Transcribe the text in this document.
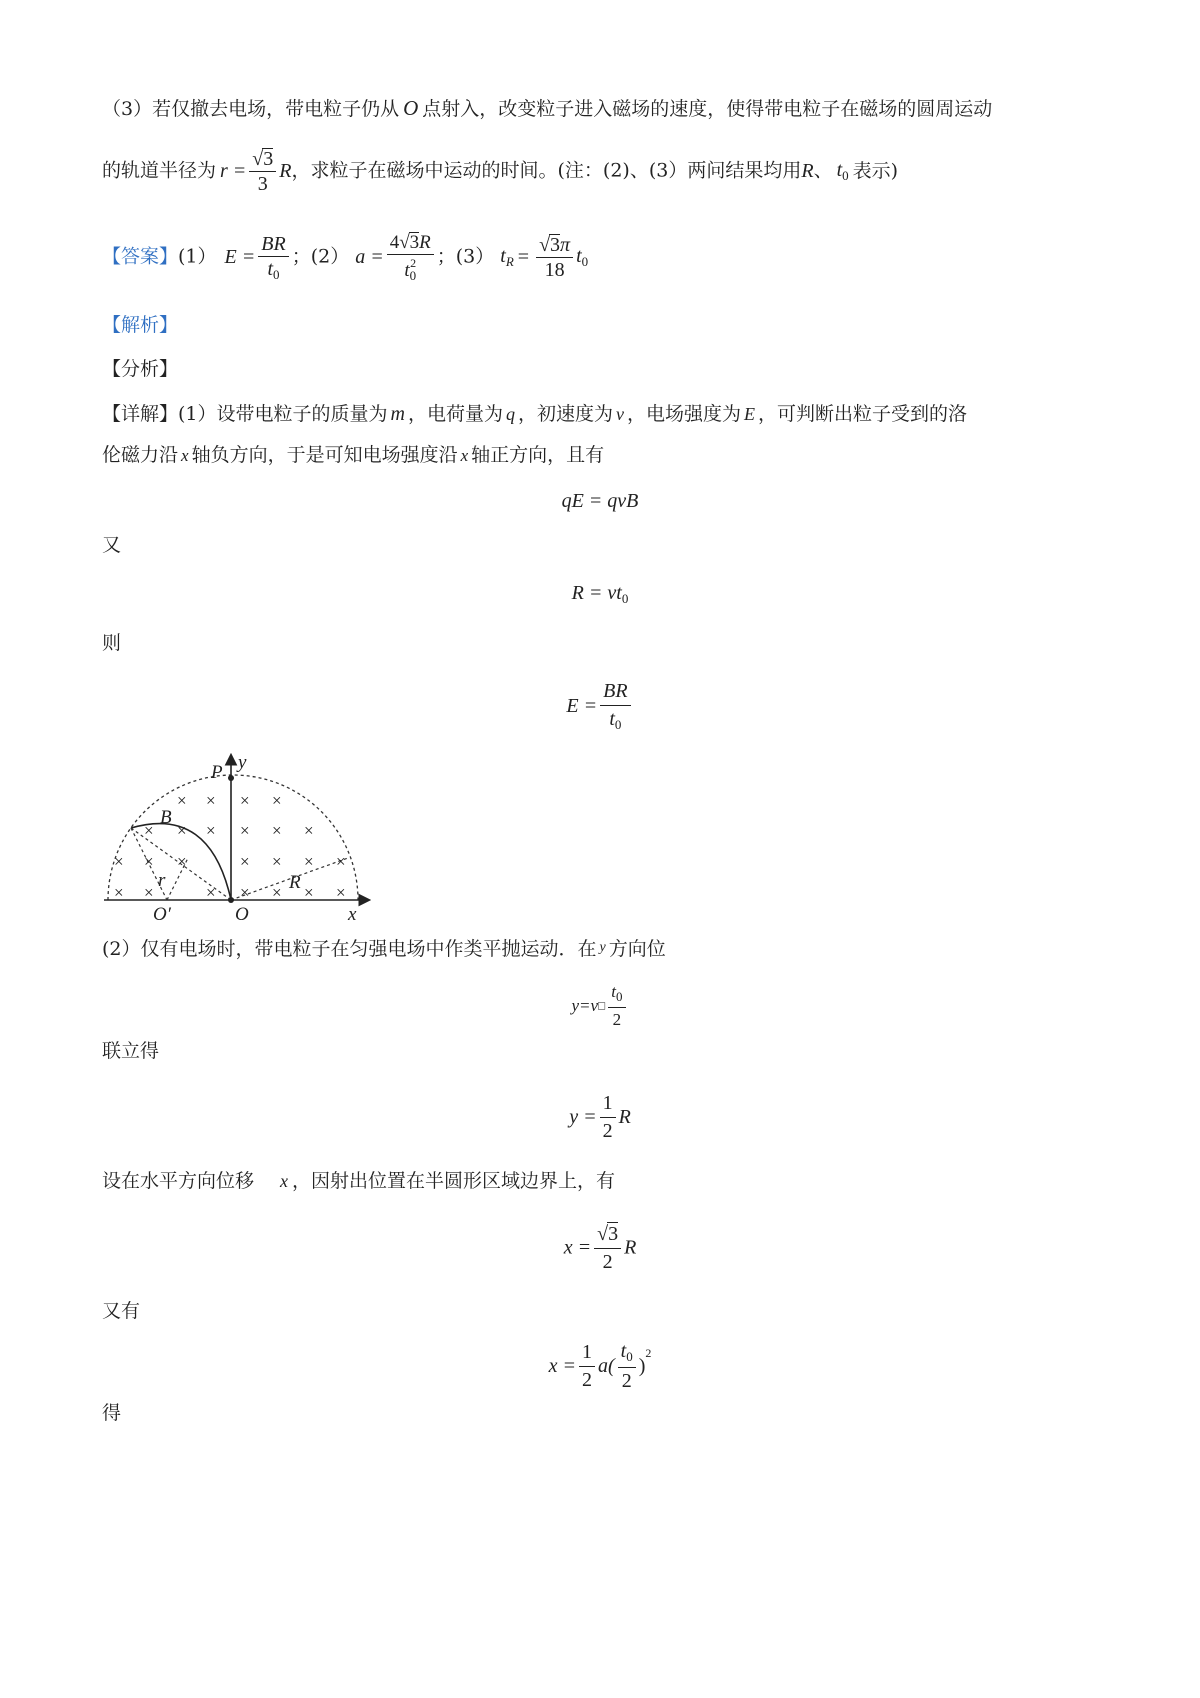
（3）若仅撤去电场，带电粒子仍从 O 点射入，改变粒子进入磁场的速度，使得带电粒子在磁场的圆周运动
的轨道半径为 $r = \frac{√3}{3}$ R，求粒子在磁场中运动的时间。(注：(2)、(3）两问结果均用R、 $t_0$ 表示)
【答案】(1） $E = \frac{BR}{t_0}$ ；(2） $a = \frac{4√3R}{t_0^2}$ ；(3） $t_R = \frac{√3\pi}{18} t_0$
【解析】
【分析】
【详解】(1）设带电粒子的质量为 m ，电荷量为 q ，初速度为 v ，电场强度为 E ，可判断出粒子受到的洛
伦磁力沿 x 轴负方向，于是可知电场强度沿 x 轴正方向，且有
qE = qvB
又
$R = vt_0$
则
$E = \frac{BR}{t_0}$
× × × ×
× × × × × ×
× × ×	× × × ×
× ×	× × × × ×
P y
B
r	R
O′	O	x
(2）仅有电场时，带电粒子在匀强电场中作类平抛运动．在 $^y$ 方向位
y=v□ $\frac{t_0}{2}$
联立得
$y = \frac{1}{2}$ R
设在水平方向位移 x ，因射出位置在半圆形区域边界上，有
$x = \frac{√3}{2}$ R
又有
$x = \frac{1}{2} a( \frac{t_0}{2} )^2$
得
